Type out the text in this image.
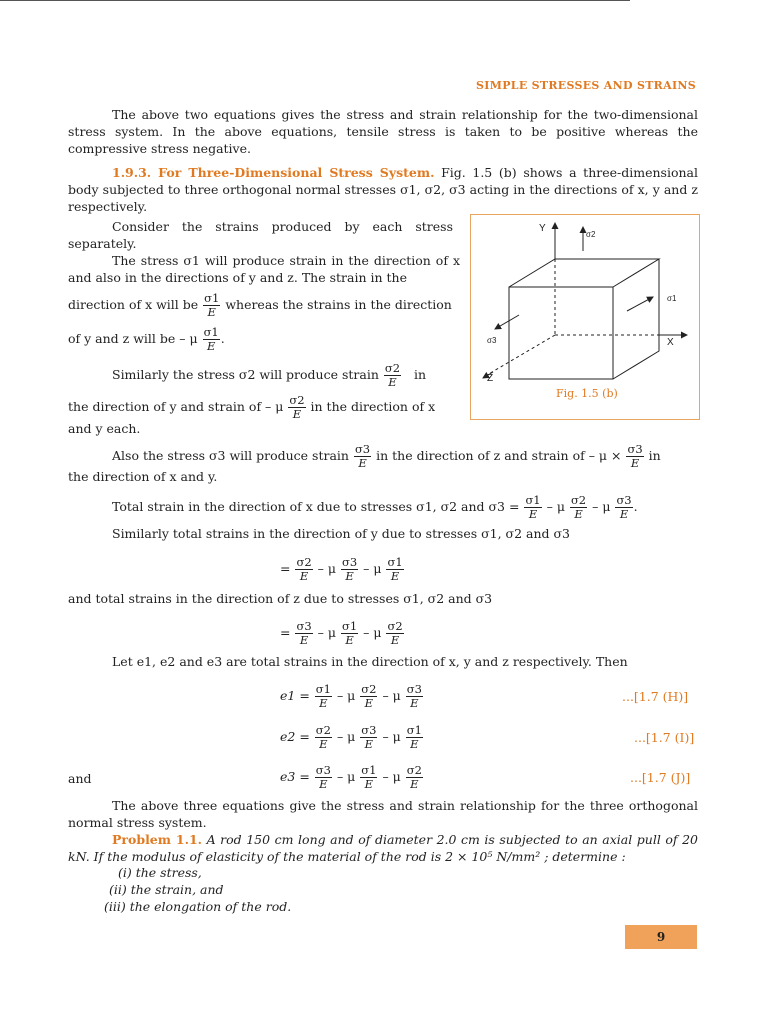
SIMPLE STRESSES AND STRAINS
The above two equations gives the stress and strain relationship for the two-dimensional stress system. In the above equations, tensile stress is taken to be positive whereas the compressive stress negative.
1.9.3. For Three-Dimensional Stress System. Fig. 1.5 (b) shows a three-dimensional body subjected to three orthogonal normal stresses σ1, σ2, σ3 acting in the directions of x, y and z respectively.
Consider the strains produced by each stress separately.
The stress σ1 will produce strain in the direction of x and also in the directions of y and z. The strain in the
direction of x will be $\frac{\sigma 1}{E}$ whereas the strains in the direction
of y and z will be – μ $\frac{\sigma 1}{E}$ .
Similarly the stress σ2 will produce strain $\frac{\sigma 2}{E}$ in
the direction of y and strain of – μ $\frac{\sigma 2}{E}$ in the direction of x
and y each.
Also the stress σ3 will produce strain $\frac{\sigma 3}{E}$ in the direction of z and strain of – $\mu \times \frac{\sigma 3}{E}$ in
the direction of x and y.
Total strain in the direction of x due to stresses σ1, σ2 and $\sigma 3 = \frac{\sigma 1}{E} - \mu \frac{\sigma 2}{E} - \mu \frac{\sigma 3}{E}$ .
Similarly total strains in the direction of y due to stresses σ1, σ2 and σ3
= $\frac{\sigma 2}{E}$ – μ $\frac{\sigma 3}{E}$ – μ $\frac{\sigma 1}{E}$
and total strains in the direction of z due to stresses σ1, σ2 and σ3
= $\frac{\sigma 3}{E}$ – μ $\frac{\sigma 1}{E}$ – μ $\frac{\sigma 2}{E}$
Let e1, e2 and e3 are total strains in the direction of x, y and z respectively. Then
$e1 = \frac{\sigma 1}{E} - \mu \frac{\sigma 2}{E} - \mu \frac{\sigma 3}{E}$	...[1.7 (H)]
$e2 = \frac{\sigma 2}{E} - \mu \frac{\sigma 3}{E} - \mu \frac{\sigma 1}{E}$	...[1.7 (I)]
and	$e3 = \frac{\sigma 3}{E} - \mu \frac{\sigma 1}{E} - \mu \frac{\sigma 2}{E}$	...[1.7 (J)]
The above three equations give the stress and strain relationship for the three orthogonal normal stress system.
Problem 1.1. A rod 150 cm long and of diameter 2.0 cm is subjected to an axial pull of 20 kN. If the modulus of elasticity of the material of the rod is 2 × 10⁵ N/mm² ; determine :
(i) the stress,
(ii) the strain, and
(iii) the elongation of the rod.
Y
X
Z
σ2
σ1
σ3
Fig. 1.5 (b)
9
